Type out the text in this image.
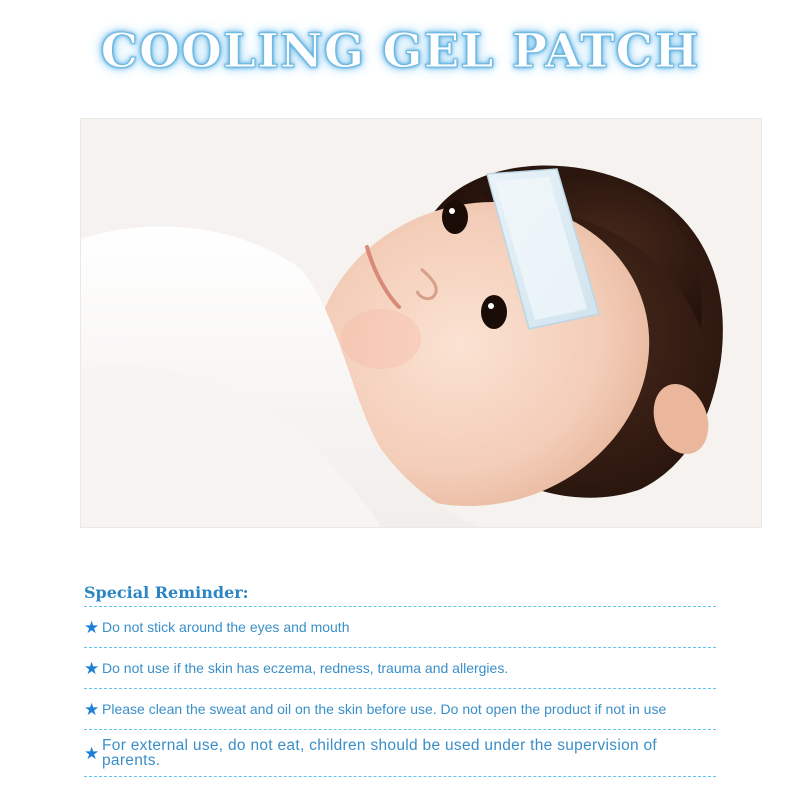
COOLING GEL PATCH

Special Reminder:

★ Do not stick around the eyes and mouth
★ Do not use if the skin has eczema, redness, trauma and allergies.
★ Please clean the sweat and oil on the skin before use. Do not open the product if not in use
★ For external use, do not eat, children should be used under the supervision of parents.
